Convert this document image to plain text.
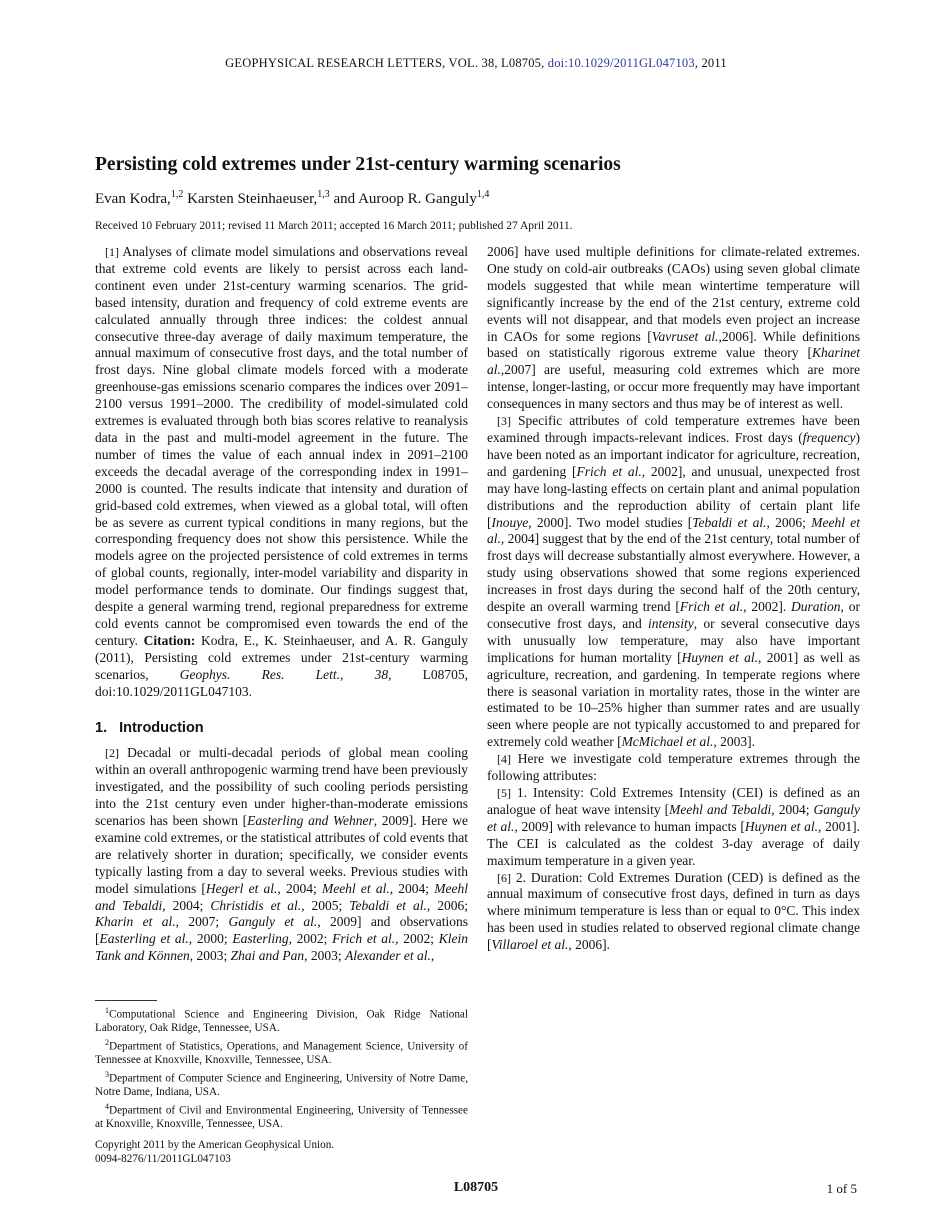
GEOPHYSICAL RESEARCH LETTERS, VOL. 38, L08705, doi:10.1029/2011GL047103, 2011
Persisting cold extremes under 21st-century warming scenarios
Evan Kodra,$^{1,2}$ Karsten Steinhaeuser,$^{1,3}$ and Auroop R. Ganguly$^{1,4}$
Received 10 February 2011; revised 11 March 2011; accepted 16 March 2011; published 27 April 2011.

[1] Analyses of climate model simulations and observations reveal that extreme cold events are likely to persist across each land-continent even under 21st-century warming scenarios. The grid-based intensity, duration and frequency of cold extreme events are calculated annually through three indices: the coldest annual consecutive three-day average of daily maximum temperature, the annual maximum of consecutive frost days, and the total number of frost days. Nine global climate models forced with a moderate greenhouse-gas emissions scenario compares the indices over 2091–2100 versus 1991–2000. The credibility of model-simulated cold extremes is evaluated through both bias scores relative to reanalysis data in the past and multi-model agreement in the future. The number of times the value of each annual index in 2091–2100 exceeds the decadal average of the corresponding index in 1991–2000 is counted. The results indicate that intensity and duration of grid-based cold extremes, when viewed as a global total, will often be as severe as current typical conditions in many regions, but the corresponding frequency does not show this persistence. While the models agree on the projected persistence of cold extremes in terms of global counts, regionally, inter-model variability and disparity in model performance tends to dominate. Our findings suggest that, despite a general warming trend, regional preparedness for extreme cold events cannot be compromised even towards the end of the century. Citation: Kodra, E., K. Steinhaeuser, and A. R. Ganguly (2011), Persisting cold extremes under 21st-century warming scenarios, Geophys. Res. Lett., 38, L08705, doi:10.1029/2011GL047103.

1. Introduction

[2] Decadal or multi-decadal periods of global mean cooling within an overall anthropogenic warming trend have been previously investigated, and the possibility of such cooling periods persisting into the 21st century even under higher-than-moderate emissions scenarios has been shown [Easterling and Wehner, 2009]. Here we examine cold extremes, or the statistical attributes of cold events that are relatively shorter in duration; specifically, we consider events typically lasting from a day to several weeks. Previous studies with model simulations [Hegerl et al., 2004; Meehl et al., 2004; Meehl and Tebaldi, 2004; Christidis et al., 2005; Tebaldi et al., 2006; Kharin et al., 2007; Ganguly et al., 2009] and observations [Easterling et al., 2000; Easterling, 2002; Frich et al., 2002; Klein Tank and Können, 2003; Zhai and Pan, 2003; Alexander et al.,

2006] have used multiple definitions for climate-related extremes. One study on cold-air outbreaks (CAOs) using seven global climate models suggested that while mean wintertime temperature will significantly increase by the end of the 21st century, extreme cold events will not disappear, and that models even project an increase in CAOs for some regions [Vavruset al.,2006]. While definitions based on statistically rigorous extreme value theory [Kharinet al.,2007] are useful, measuring cold extremes which are more intense, longer-lasting, or occur more frequently may have important consequences in many sectors and thus may be of interest as well.

[3] Specific attributes of cold temperature extremes have been examined through impacts-relevant indices. Frost days (frequency) have been noted as an important indicator for agriculture, recreation, and gardening [Frich et al., 2002], and unusual, unexpected frost may have long-lasting effects on certain plant and animal population distributions and the reproduction ability of certain plant life [Inouye, 2000]. Two model studies [Tebaldi et al., 2006; Meehl et al., 2004] suggest that by the end of the 21st century, total number of frost days will decrease substantially almost everywhere. However, a study using observations showed that some regions experienced increases in frost days during the second half of the 20th century, despite an overall warming trend [Frich et al., 2002]. Duration, or consecutive frost days, and intensity, or several consecutive days with unusually low temperature, may also have important implications for human mortality [Huynen et al., 2001] as well as agriculture, recreation, and gardening. In temperate regions where there is seasonal variation in mortality rates, those in the winter are estimated to be 10–25% higher than summer rates and are usually seen where people are not typically accustomed to and prepared for extremely cold weather [McMichael et al., 2003].

[4] Here we investigate cold temperature extremes through the following attributes:

[5] 1. Intensity: Cold Extremes Intensity (CEI) is defined as an analogue of heat wave intensity [Meehl and Tebaldi, 2004; Ganguly et al., 2009] with relevance to human impacts [Huynen et al., 2001]. The CEI is calculated as the coldest 3-day average of daily maximum temperature in a given year.

[6] 2. Duration: Cold Extremes Duration (CED) is defined as the annual maximum of consecutive frost days, defined in turn as days where minimum temperature is less than or equal to 0°C. This index has been used in studies related to observed regional climate change [Villaroel et al., 2006].

$^1$Computational Science and Engineering Division, Oak Ridge National Laboratory, Oak Ridge, Tennessee, USA.

$^2$Department of Statistics, Operations, and Management Science, University of Tennessee at Knoxville, Knoxville, Tennessee, USA.

$^3$Department of Computer Science and Engineering, University of Notre Dame, Notre Dame, Indiana, USA.

$^4$Department of Civil and Environmental Engineering, University of Tennessee at Knoxville, Knoxville, Tennessee, USA.

Copyright 2011 by the American Geophysical Union.
0094-8276/11/2011GL047103
L08705	1 of 5
